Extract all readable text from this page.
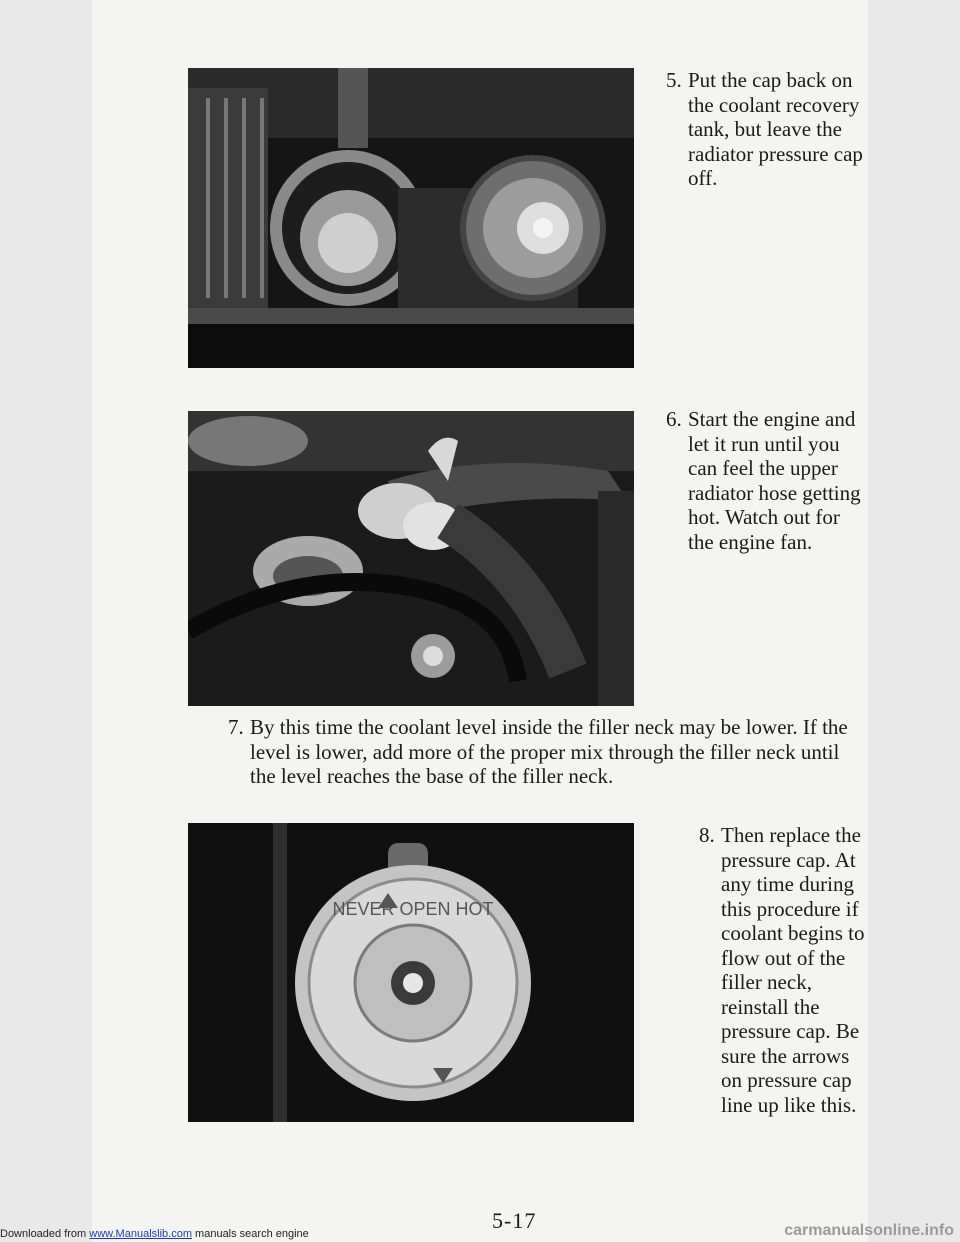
5. Put the cap back on the coolant recovery tank, but leave the radiator pressure cap off.
6. Start the engine and let it run until you can feel the upper radiator hose getting hot. Watch out for the engine fan.
7. By this time the coolant level inside the filler neck may be lower. If the level is lower, add more of the proper mix through the filler neck until the level reaches the base of the filler neck.
NEVER OPEN HOT
8. Then replace the pressure cap. At any time during this procedure if coolant begins to flow out of the filler neck, reinstall the pressure cap. Be sure the arrows on pressure cap line up like this.
5-17
Downloaded from www.Manualslib.com manuals search engine	carmanualsonline.info
